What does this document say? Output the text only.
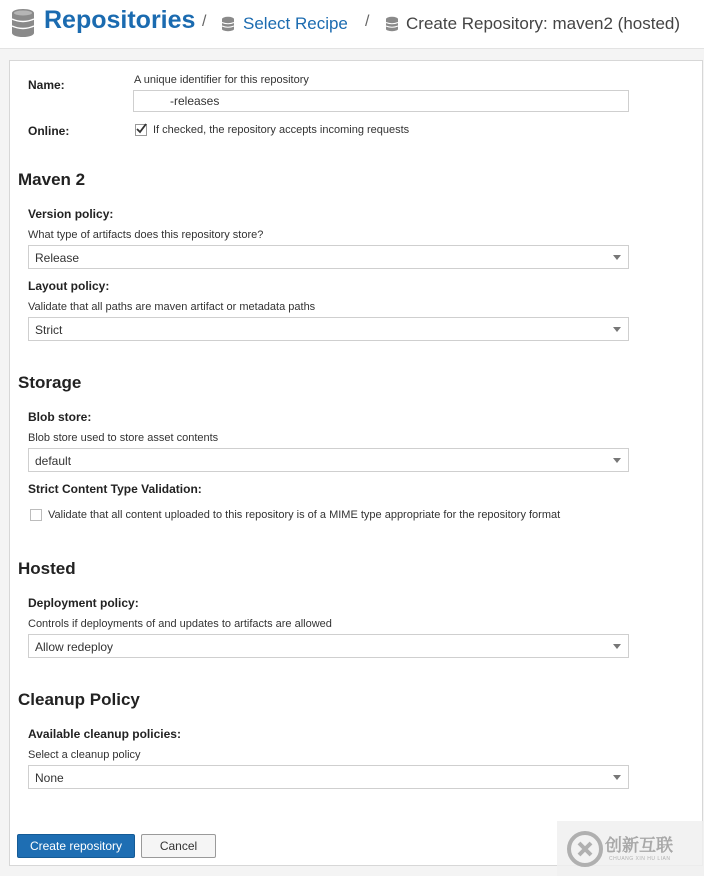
Repositories / Select Recipe / Create Repository: maven2 (hosted)
Name:	A unique identifier for this repository
-releases
Online:	If checked, the repository accepts incoming requests
Maven 2
Version policy:
What type of artifacts does this repository store?
Release
Layout policy:
Validate that all paths are maven artifact or metadata paths
Strict
Storage
Blob store:
Blob store used to store asset contents
default
Strict Content Type Validation:
Validate that all content uploaded to this repository is of a MIME type appropriate for the repository format
Hosted
Deployment policy:
Controls if deployments of and updates to artifacts are allowed
Allow redeploy
Cleanup Policy
Available cleanup policies:
Select a cleanup policy
None
Create repository	Cancel	创新互联
CHUANG XIN HU LIAN
